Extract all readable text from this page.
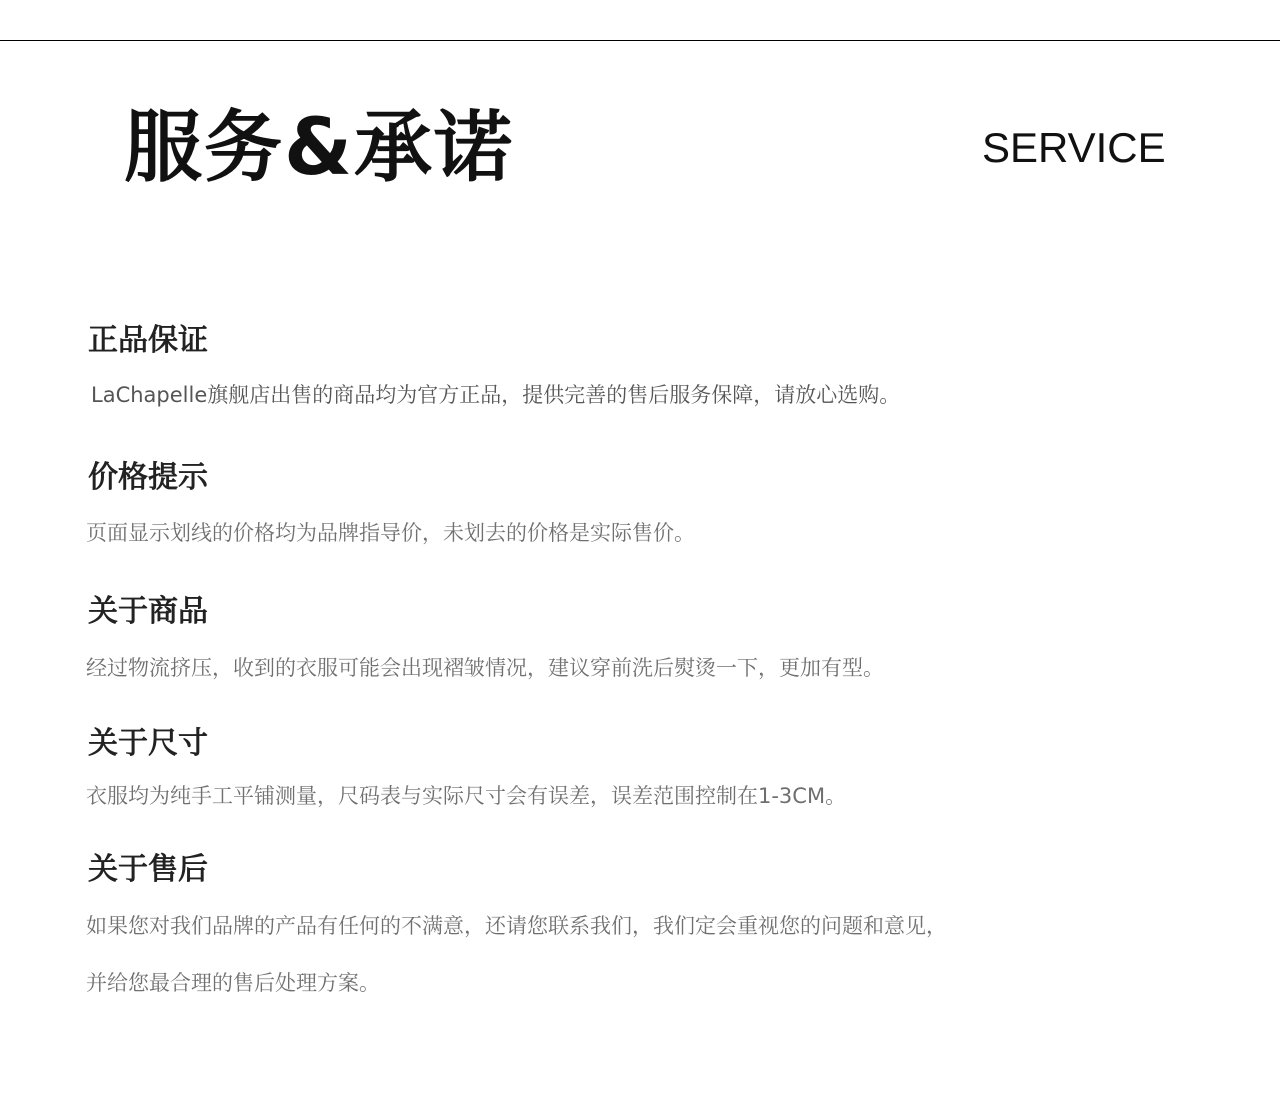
服务&承诺	SERVICE
正品保证
LaChapelle旗舰店出售的商品均为官方正品，提供完善的售后服务保障，请放心选购。
价格提示
页面显示划线的价格均为品牌指导价，未划去的价格是实际售价。
关于商品
经过物流挤压，收到的衣服可能会出现褶皱情况，建议穿前洗后熨烫一下，更加有型。
关于尺寸
衣服均为纯手工平铺测量，尺码表与实际尺寸会有误差，误差范围控制在1-3CM。
关于售后
如果您对我们品牌的产品有任何的不满意，还请您联系我们，我们定会重视您的问题和意见，
并给您最合理的售后处理方案。
